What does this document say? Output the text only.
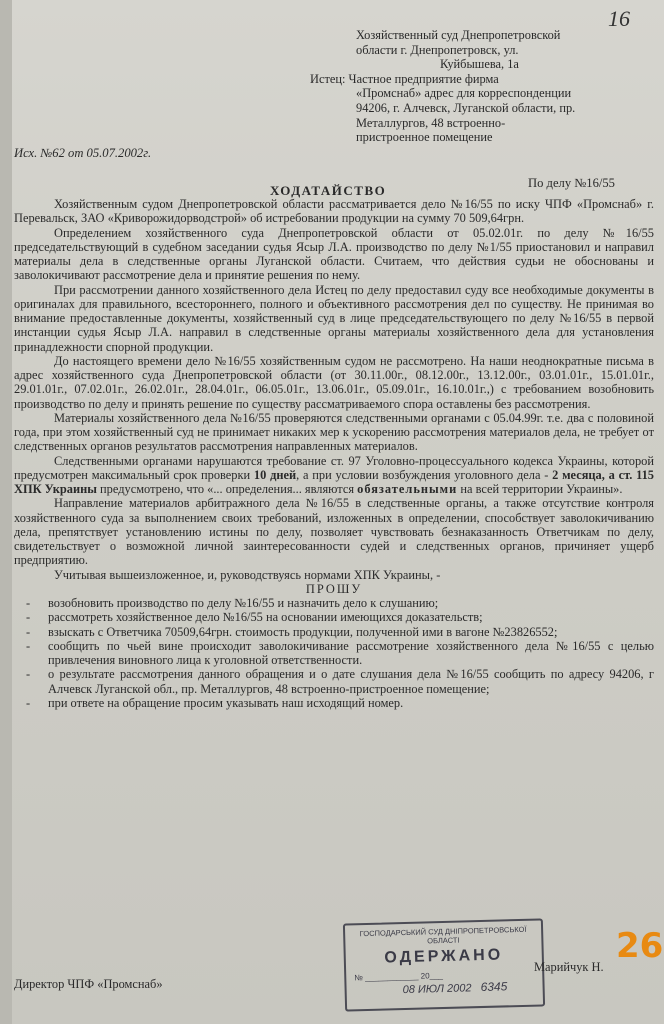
16
Хозяйственный суд Днепропетровской
области г. Днепропетровск, ул.
Куйбышева, 1а
Истец: Частное предприятие фирма
«Промснаб» адрес для корреспонденции
94206, г. Алчевск, Луганской области, пр.
Металлургов, 48 встроенно-
пристроенное помещение
Исх. №62 от 05.07.2002г.
По делу №16/55
ХОДАТАЙСТВО

Хозяйственным судом Днепропетровской области рассматривается дело №16/55 по иску ЧПФ «Промснаб» г. Перевальск, ЗАО «Криворожидорводстрой» об истребовании продукции на сумму 70 509,64грн.

Определением хозяйственного суда Днепропетровской области от 05.02.01г. по делу №16/55 председательствующий в судебном заседании судья Ясыр Л.А. производство по делу №1/55 приостановил и направил материалы дела в следственные органы Луганской области. Считаем, что действия судьи не обоснованы и заволокичивают рассмотрение дела и принятие решения по нему.

При рассмотрении данного хозяйственного дела Истец по делу предоставил суду все необходимые документы в оригиналах для правильного, всестороннего, полного и объективного рассмотрения дел по существу. Не принимая во внимание предоставленные документы, хозяйственный суд в лице председательствующего по делу №16/55 в первой инстанции судья Ясыр Л.А. направил в следственные органы материалы хозяйственного дела для установления принадлежности спорной продукции.

До настоящего времени дело №16/55 хозяйственным судом не рассмотрено. На наши неоднократные письма в адрес хозяйственного суда Днепропетровской области (от 30.11.00г., 08.12.00г., 13.12.00г., 03.01.01г., 15.01.01г., 29.01.01г., 07.02.01г., 26.02.01г., 28.04.01г., 06.05.01г., 13.06.01г., 05.09.01г., 16.10.01г.,) с требованием возобновить производство по делу и принять решение по существу рассматриваемого спора оставлены без рассмотрения.

Материалы хозяйственного дела №16/55 проверяются следственными органами с 05.04.99г. т.е. два с половиной года, при этом хозяйственный суд не принимает никаких мер к ускорению рассмотрения материалов дела, не требует от следственных органов результатов рассмотрения направленных материалов.

Следственными органами нарушаются требование ст. 97 Уголовно-процессуального кодекса Украины, которой предусмотрен максимальный срок проверки 10 дней, а при условии возбуждения уголовного дела - 2 месяца, а ст. 115 ХПК Украины предусмотрено, что «... определения... являются обязательными на всей территории Украины».

Направление материалов арбитражного дела №16/55 в следственные органы, а также отсутствие контроля хозяйственного суда за выполнением своих требований, изложенных в определении, способствует заволокичиванию дела, препятствует установлению истины по делу, позволяет чувствовать безнаказанность Ответчикам по делу, свидетельствует о возможной личной заинтересованности судей и следственных органов, причиняет ущерб предприятию.

Учитывая вышеизложенное, и, руководствуясь нормами ХПК Украины, -

ПРОШУ

- возобновить производство по делу №16/55 и назначить дело к слушанию;
- рассмотреть хозяйственное дело №16/55 на основании имеющихся доказательств;
- взыскать с Ответчика 70509,64грн. стоимость продукции, полученной ими в вагоне №23826552;
- сообщить по чьей вине происходит заволокичивание рассмотрение хозяйственного дела №16/55 с целью привлечения виновного лица к уголовной ответственности.
- о результате рассмотрения данного обращения и о дате слушания дела №16/55 сообщить по адресу 94206, г Алчевск Луганской обл., пр. Металлургов, 48 встроенно-пристроенное помещение;
- при ответе на обращение просим указывать наш исходящий номер.
ГОСПОДАРСЬКИЙ СУД ДНІПРОПЕТРОВСЬКОЇ ОБЛАСТІ
ОДЕРЖАНО
№ ____________ 20___
08 ИЮЛ 2002 6345
Директор ЧПФ «Промснаб»
Марийчук Н.
26
